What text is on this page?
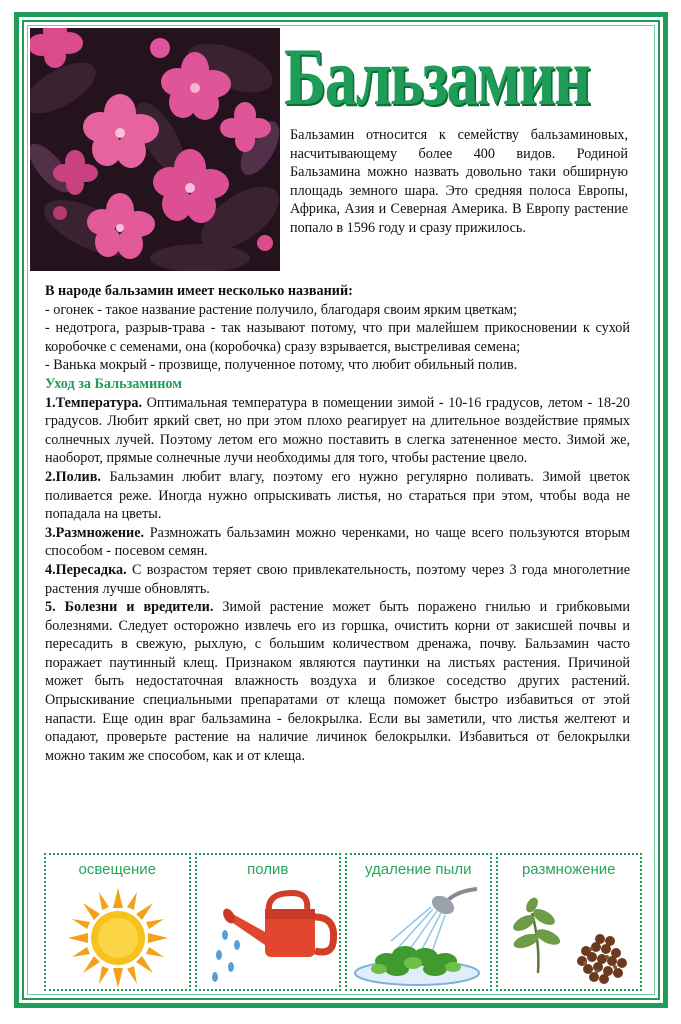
Бальзамин
Бальзамин относится к семейству бальзаминовых, насчитывающему более 400 видов. Родиной Бальзамина можно назвать довольно таки обширную площадь земного шара. Это средняя полоса Европы, Африка, Азия и Северная Америка. В Европу растение попало в 1596 году и сразу прижилось.

В народе бальзамин имеет несколько названий:

- огонек - такое название растение получило, благодаря своим ярким цветкам;

- недотрога, разрыв-трава - так называют потому, что при малейшем прикосновении к сухой коробочке с семенами, она (коробочка) сразу взрывается, выстреливая семена;

- Ванька мокрый - прозвище, полученное потому, что любит обильный полив.

Уход за Бальзамином

1.Температура. Оптимальная температура в помещении зимой - 10-16 градусов, летом - 18-20 градусов. Любит яркий свет, но при этом плохо реагирует на длительное воздействие прямых солнечных лучей. Поэтому летом его можно поставить в слегка затененное место. Зимой же, наоборот, прямые солнечные лучи необходимы для того, чтобы растение цвело.

2.Полив. Бальзамин любит влагу, поэтому его нужно регулярно поливать. Зимой цветок поливается реже. Иногда нужно опрыскивать листья, но стараться при этом, чтобы вода не попадала на цветы.

3.Размножение. Размножать бальзамин можно черенками, но чаще всего пользуются вторым способом - посевом семян.

4.Пересадка. С возрастом теряет свою привлекательность, поэтому через 3 года многолетние растения лучше обновлять.

5. Болезни и вредители. Зимой растение может быть поражено гнилью и грибковыми болезнями. Следует осторожно извлечь его из горшка, очистить корни от закисшей почвы и пересадить в свежую, рыхлую, с большим количеством дренажа, почву. Бальзамин часто поражает паутинный клещ. Признаком являются паутинки на листьях растения. Причиной может быть недостаточная влажность воздуха и близкое соседство других растений. Опрыскивание специальными препаратами от клеща поможет быстро избавиться от этой напасти. Еще один враг бальзамина - белокрылка. Если вы заметили, что листья желтеют и опадают, проверьте растение на наличие личинок белокрылки. Избавиться от белокрылки можно таким же способом, как и от клеща.

освещение	полив	удаление пыли	размножение
